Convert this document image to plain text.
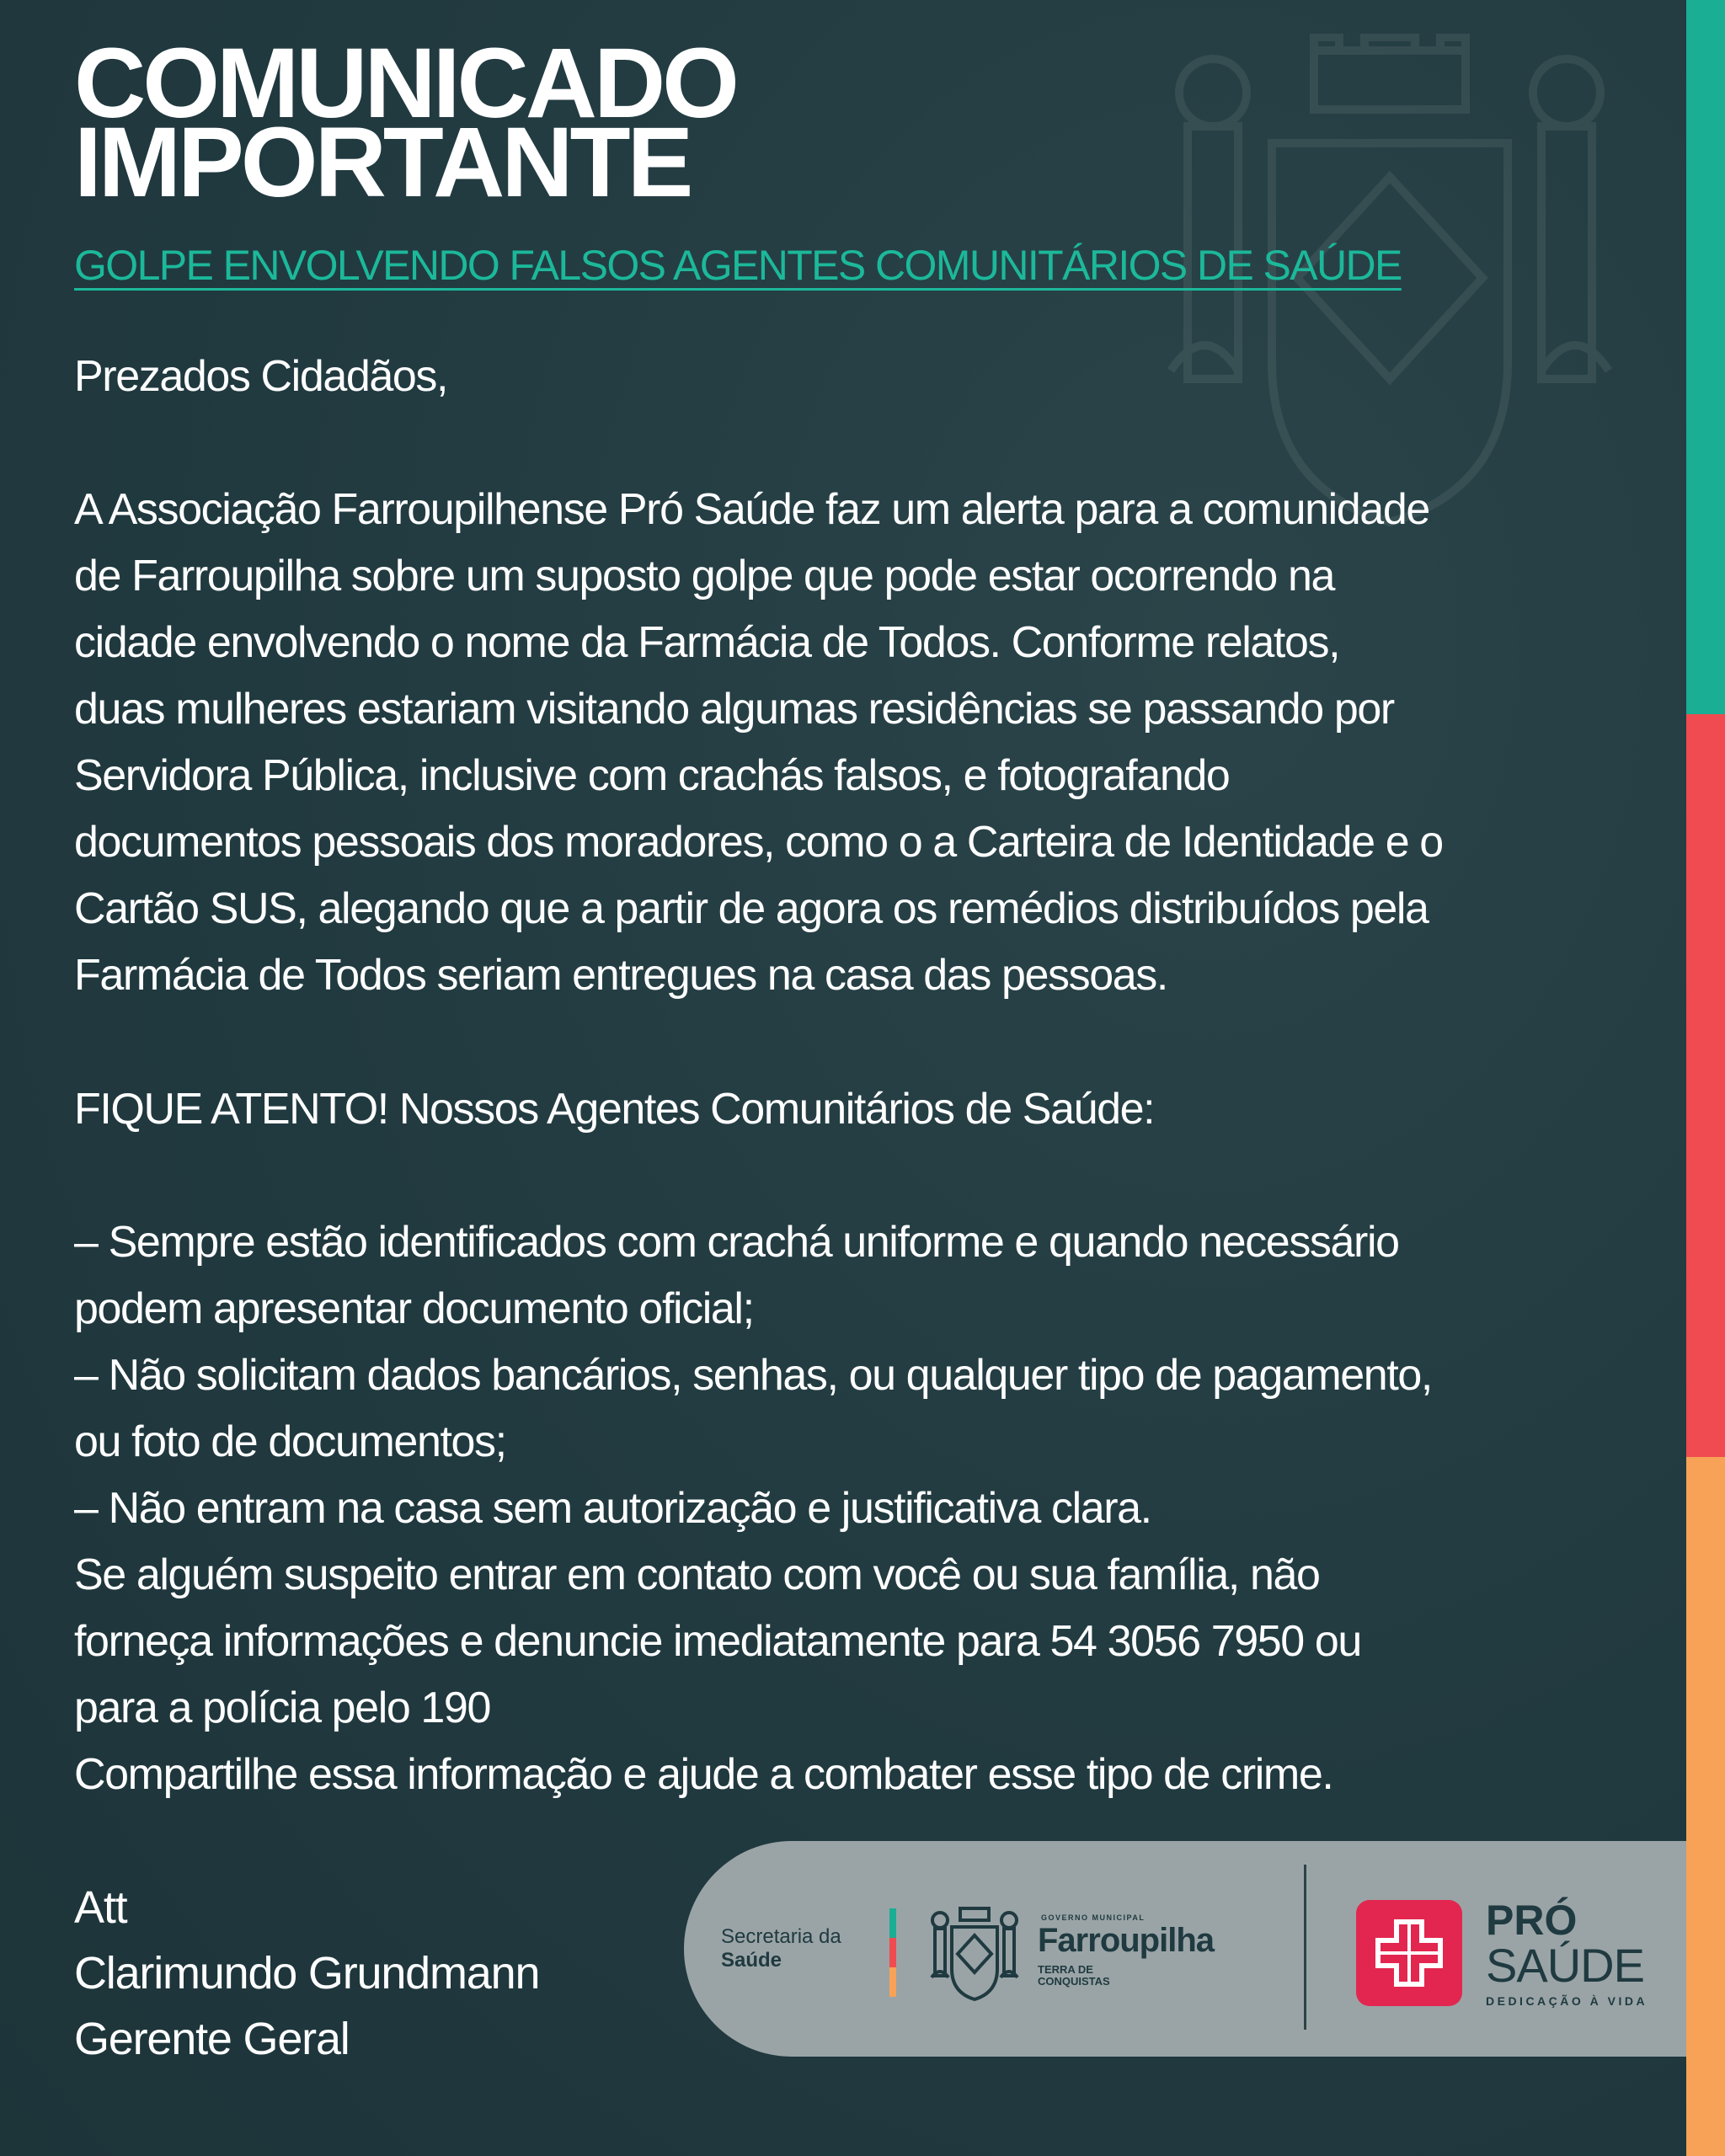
COMUNICADO
IMPORTANTE
GOLPE ENVOLVENDO FALSOS AGENTES COMUNITÁRIOS DE SAÚDE

Prezados Cidadãos,

A Associação Farroupilhense Pró Saúde faz um alerta para a comunidade
de Farroupilha sobre um suposto golpe que pode estar ocorrendo na
cidade envolvendo o nome da Farmácia de Todos. Conforme relatos,
duas mulheres estariam visitando algumas residências se passando por
Servidora Pública, inclusive com crachás falsos, e fotografando
documentos pessoais dos moradores, como o a Carteira de Identidade e o
Cartão SUS, alegando que a partir de agora os remédios distribuídos pela
Farmácia de Todos seriam entregues na casa das pessoas.

FIQUE ATENTO! Nossos Agentes Comunitários de Saúde:

– Sempre estão identificados com crachá uniforme e quando necessário
podem apresentar documento oficial;
– Não solicitam dados bancários, senhas, ou qualquer tipo de pagamento,
ou foto de documentos;
– Não entram na casa sem autorização e justificativa clara.
Se alguém suspeito entrar em contato com você ou sua família, não
forneça informações e denuncie imediatamente para 54 3056 7950 ou
para a polícia pelo 190
Compartilhe essa informação e ajude a combater esse tipo de crime.

Att
Clarimundo Grundmann
Gerente Geral
Secretaria da
Saúde
GOVERNO MUNICIPAL
Farroupilha
TERRA DE
CONQUISTAS
PRÓ
SAÚDE
DEDICAÇÃO À VIDA
